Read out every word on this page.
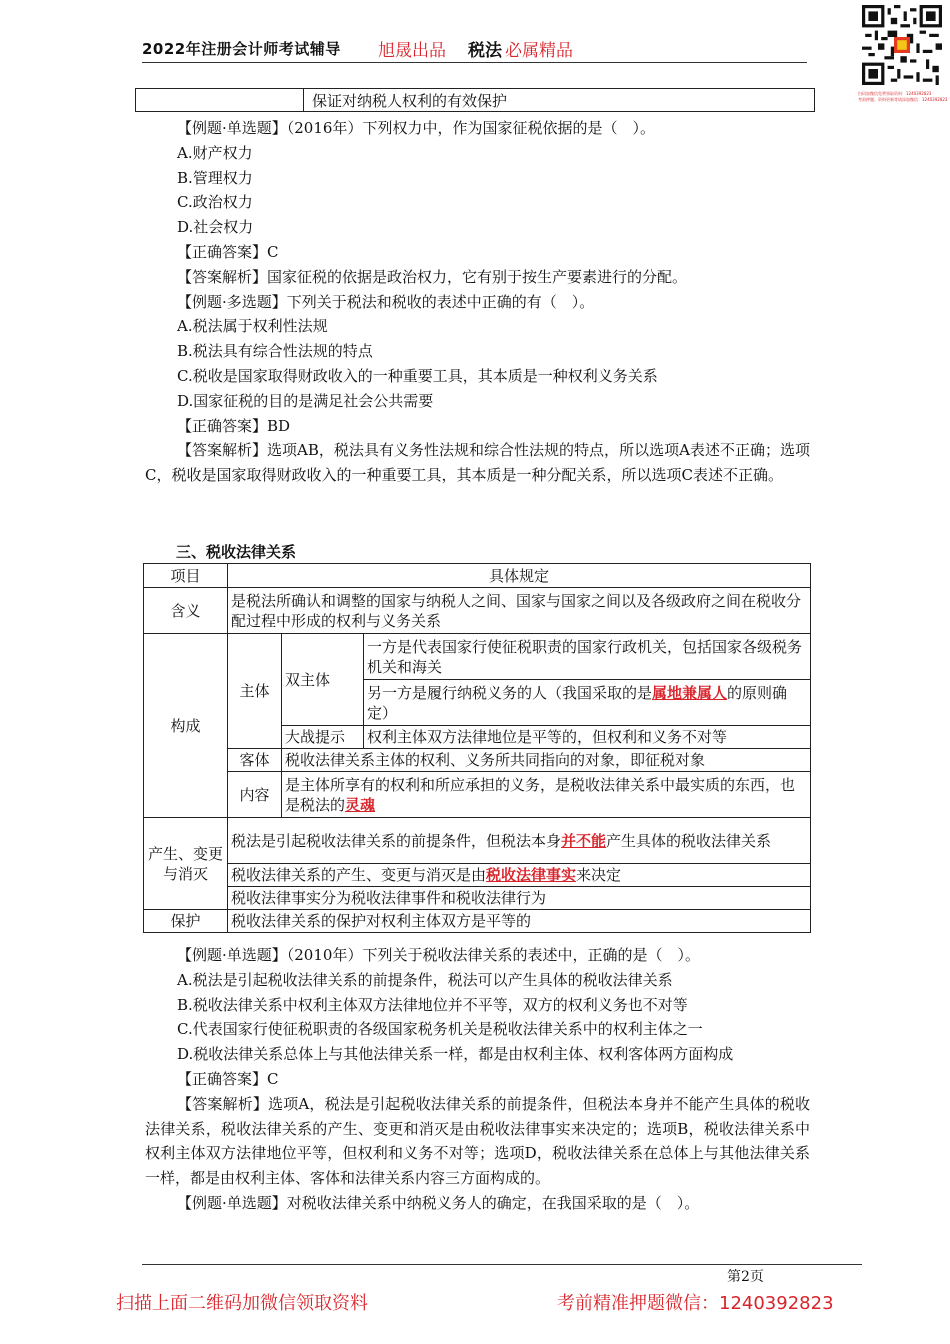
2022年注册会计师考试辅导 旭晟出品 税法 必属精品
扫码加微信免费领取资料：1240392823
考前押题、资料更新等请添加微信：1240392823
保证对纳税人权利的有效保护
【例题·单选题】（2016年）下列权力中，作为国家征税依据的是（　）。
A.财产权力
B.管理权力
C.政治权力
D.社会权力
【正确答案】C
【答案解析】国家征税的依据是政治权力，它有别于按生产要素进行的分配。
【例题·多选题】下列关于税法和税收的表述中正确的有（　）。
A.税法属于权利性法规
B.税法具有综合性法规的特点
C.税收是国家取得财政收入的一种重要工具，其本质是一种权利义务关系
D.国家征税的目的是满足社会公共需要
【正确答案】BD
【答案解析】选项AB，税法具有义务性法规和综合性法规的特点，所以选项A表述不正确；选项C，税收是国家取得财政收入的一种重要工具，其本质是一种分配关系，所以选项C表述不正确。
三、税收法律关系
项目	具体规定		
含义	是税法所确认和调整的国家与纳税人之间、国家与国家之间以及各级政府之间在税收分配过程中形成的权利与义务关系		
构成	主体	双主体	一方是代表国家行使征税职责的国家行政机关，包括国家各级税务机关和海关
			另一方是履行纳税义务的人（我国采取的是属地兼属人的原则确定）
		大战提示	权利主体双方法律地位是平等的，但权利和义务不对等
	客体	税收法律关系主体的权利、义务所共同指向的对象，即征税对象	
	内容	是主体所享有的权利和所应承担的义务，是税收法律关系中最实质的东西，也是税法的灵魂	
产生、变更与消灭	税法是引起税收法律关系的前提条件，但税法本身并不能产生具体的税收法律关系		
	税收法律关系的产生、变更与消灭是由税收法律事实来决定		
	税收法律事实分为税收法律事件和税收法律行为		
保护	税收法律关系的保护对权利主体双方是平等的		
【例题·单选题】（2010年）下列关于税收法律关系的表述中，正确的是（　）。
A.税法是引起税收法律关系的前提条件，税法可以产生具体的税收法律关系
B.税收法律关系中权利主体双方法律地位并不平等，双方的权利义务也不对等
C.代表国家行使征税职责的各级国家税务机关是税收法律关系中的权利主体之一
D.税收法律关系总体上与其他法律关系一样，都是由权利主体、权利客体两方面构成
【正确答案】C
【答案解析】选项A，税法是引起税收法律关系的前提条件，但税法本身并不能产生具体的税收法律关系，税收法律关系的产生、变更和消灭是由税收法律事实来决定的；选项B，税收法律关系中权利主体双方法律地位平等，但权利和义务不对等；选项D，税收法律关系在总体上与其他法律关系一样，都是由权利主体、客体和法律关系内容三方面构成的。
【例题·单选题】对税收法律关系中纳税义务人的确定，在我国采取的是（　）。
第2页
扫描上面二维码加微信领取资料	考前精准押题微信：1240392823
